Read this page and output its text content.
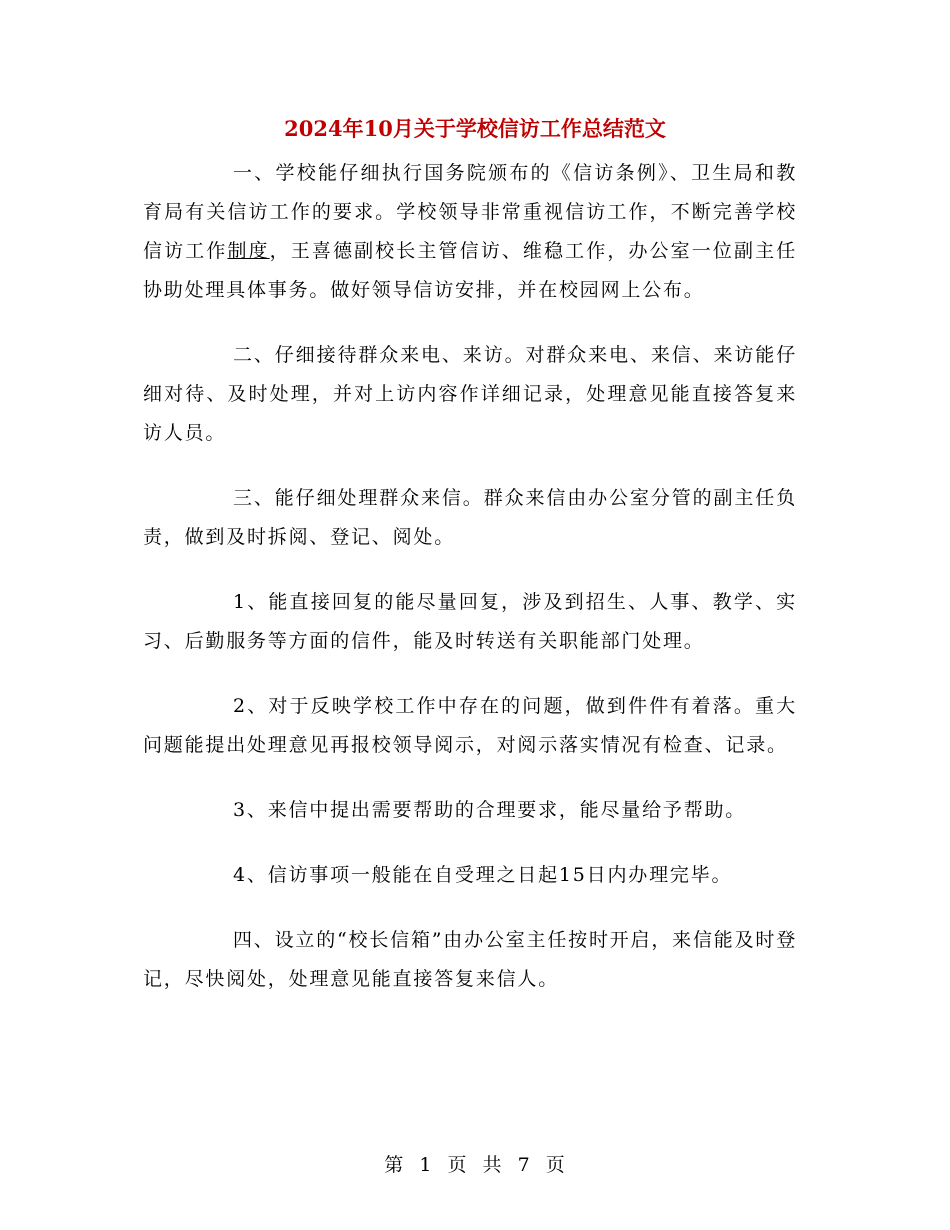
2024年10月关于学校信访工作总结范文

一、学校能仔细执行国务院颁布的《信访条例》、卫生局和教育局有关信访工作的要求。学校领导非常重视信访工作，不断完善学校信访工作制度，王喜德副校长主管信访、维稳工作，办公室一位副主任协助处理具体事务。做好领导信访安排，并在校园网上公布。

二、仔细接待群众来电、来访。对群众来电、来信、来访能仔细对待、及时处理，并对上访内容作详细记录，处理意见能直接答复来访人员。

三、能仔细处理群众来信。群众来信由办公室分管的副主任负责，做到及时拆阅、登记、阅处。

1、能直接回复的能尽量回复，涉及到招生、人事、教学、实习、后勤服务等方面的信件，能及时转送有关职能部门处理。

2、对于反映学校工作中存在的问题，做到件件有着落。重大问题能提出处理意见再报校领导阅示，对阅示落实情况有检查、记录。

3、来信中提出需要帮助的合理要求，能尽量给予帮助。

4、信访事项一般能在自受理之日起15日内办理完毕。

四、设立的“校长信箱”由办公室主任按时开启，来信能及时登记，尽快阅处，处理意见能直接答复来信人。

第 1 页 共 7 页
